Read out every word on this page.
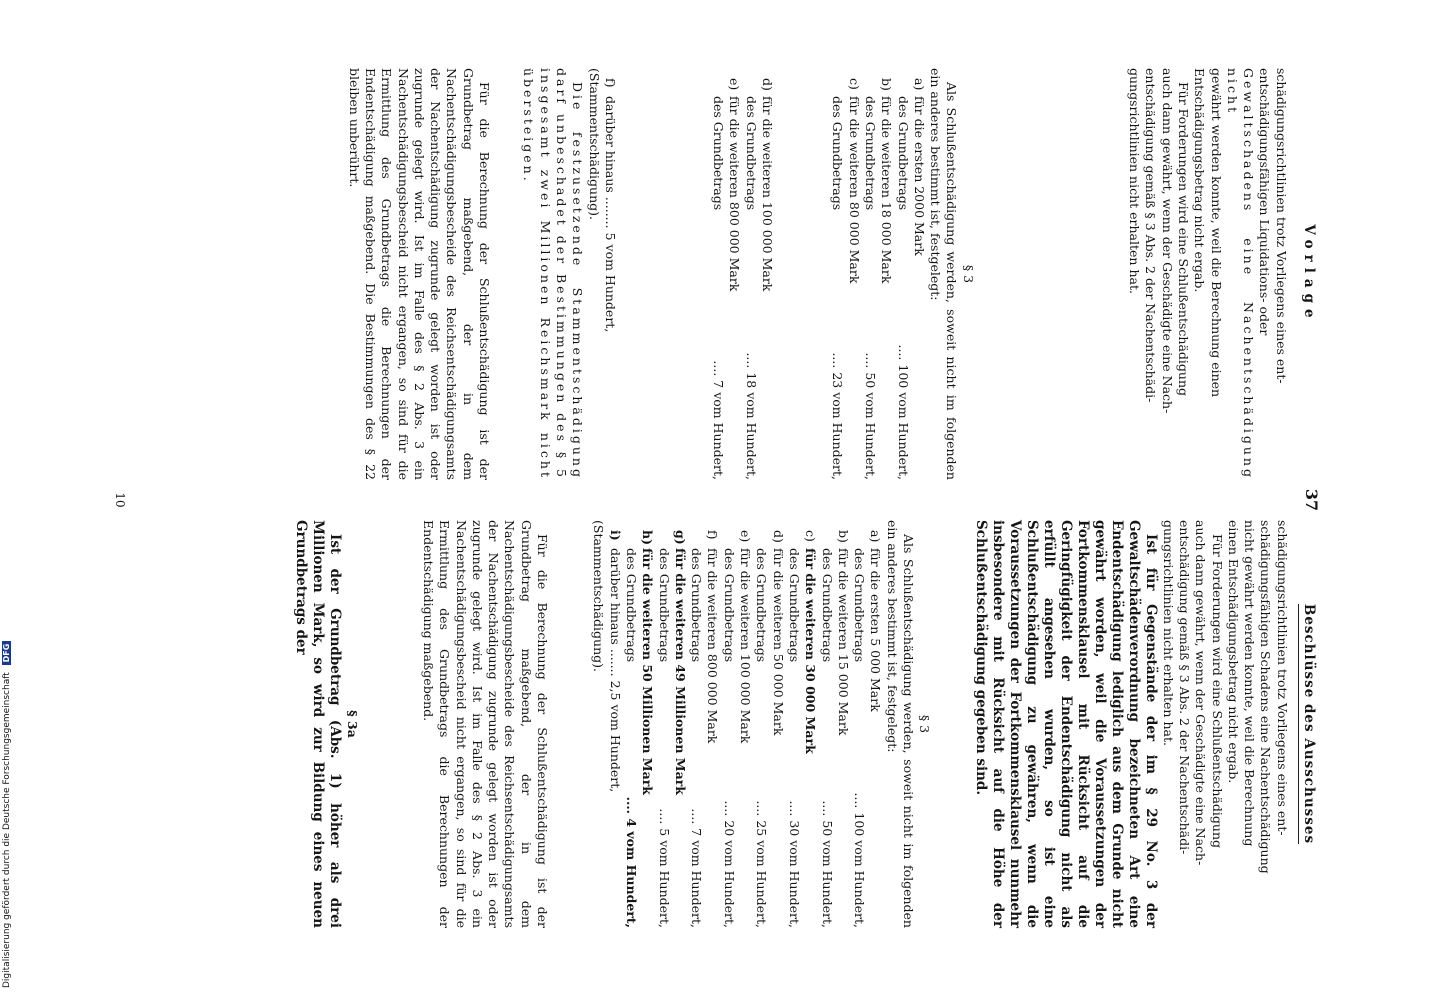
37
Vorlage
schädigungsrichtlinien trotz Vorliegens eines ent-
entschädigungsfähigen Liquidations- oder
Gewaltschadens eine Nachentschädigung nicht
gewährt werden konnte, weil die Berechnung einen
Entschädigungsbetrag nicht ergab.
Für Forderungen wird eine Schlußentschädigung
auch dann gewährt, wenn der Geschädigte eine Nach-
entschädigung gemäß § 3 Abs. 2 der Nachentschädi-
gungsrichtlinien nicht erhalten hat.
§ 3

Als Schlußentschädigung werden, soweit nicht im folgenden ein anderes bestimmt ist, festgelegt:

a)
für die ersten 2000 Mark
des Grundbetrags
.... 100 vom Hundert,
b)
für die weiteren 18 000 Mark
des Grundbetrags
.... 50 vom Hundert,
c)
für die weiteren 80 000 Mark
des Grundbetrags
.... 23 vom Hundert,
d)
für die weiteren 100 000 Mark
des Grundbetrags
.... 18 vom Hundert,
e)
für die weiteren 800 000 Mark
des Grundbetrags
.... 7 vom Hundert,
f)
darüber hinaus ........ 5 vom Hundert,
(Stammentschädigung).

Die festzusetzende Stammentschädigung darf unbeschadet der Bestimmungen des § 5 insgesamt zwei Millionen Reichsmark nicht übersteigen.

Für die Berechnung der Schlußentschädigung ist der Grundbetrag maßgebend, der in dem Nachentschädigungsbescheide des Reichsentschädigungsamts der Nachentschädigung zugrunde gelegt worden ist oder zugrunde gelegt wird. Ist im Falle des § 2 Abs. 3 ein Nachentschädigungsbescheid nicht ergangen, so sind für die Ermittlung des Grundbetrags die Berechnungen der Endentschädigung maßgebend. Die Bestimmungen des § 22 bleiben unberührt.

Beschlüsse des Ausschusses
schädigungsrichtlinien trotz Vorliegens eines ent-
schädigungsfähigen Schadens eine Nachentschädigung
nicht gewährt werden konnte, weil die Berechnung
einen Entschädigungsbetrag nicht ergab.
Für Forderungen wird eine Schlußentschädigung
auch dann gewährt, wenn der Geschädigte eine Nach-
entschädigung gemäß § 3 Abs. 2 der Nachentschädi-
gungsrichtlinien nicht erhalten hat.

Ist für Gegenstände der im § 29 No. 3 der Gewaltschädenverordnung bezeichneten Art eine Endentschädigung lediglich aus dem Grunde nicht gewährt worden, weil die Voraussetzungen der Fortkommensklausel mit Rücksicht auf die Geringfügigkeit der Endentschädigung nicht als erfüllt angesehen wurden, so ist eine Schlußentschädigung zu gewähren, wenn die Voraussetzungen der Fortkommensklausel nunmehr insbesondere mit Rücksicht auf die Höhe der Schlußentschädigung gegeben sind.

§ 3

Als Schlußentschädigung werden, soweit nicht im folgenden ein anderes bestimmt ist, festgelegt:

a)
für die ersten 5 000 Mark
des Grundbetrags
.... 100 vom Hundert,
b)
für die weiteren 15 000 Mark
des Grundbetrags
.... 50 vom Hundert,
c)
für die weiteren 30 000 Mark
des Grundbetrags
.... 30 vom Hundert,
d)
für die weiteren 50 000 Mark
des Grundbetrags
.... 25 vom Hundert,
e)
für die weiteren 100 000 Mark
des Grundbetrags
.... 20 vom Hundert,
f)
für die weiteren 800 000 Mark
des Grundbetrags
.... 7 vom Hundert,
g)
für die weiteren 49 Millionen Mark
des Grundbetrags
.... 5 vom Hundert,
h)
für die weiteren 50 Millionen Mark
des Grundbetrags
.... 4 vom Hundert,
i)
darüber hinaus ....... 2,5 vom Hundert,
(Stammentschädigung).

Für die Berechnung der Schlußentschädigung ist der Grundbetrag maßgebend, der in dem Nachentschädigungsbescheide des Reichsentschädigungsamts der Nachentschädigung zugrunde gelegt worden ist oder zugrunde gelegt wird. Ist im Falle des § 2 Abs. 3 ein Nachentschädigungsbescheid nicht ergangen, so sind für die Ermittlung des Grundbetrags die Berechnungen der Endentschädigung maßgebend.

§ 3a

Ist der Grundbetrag (Abs. 1) höher als drei Millionen Mark, so wird zur Bildung eines neuen Grundbetrags der

10
Digitalisierung gefördert durch die Deutsche Forschungsgemeinschaft DFG
